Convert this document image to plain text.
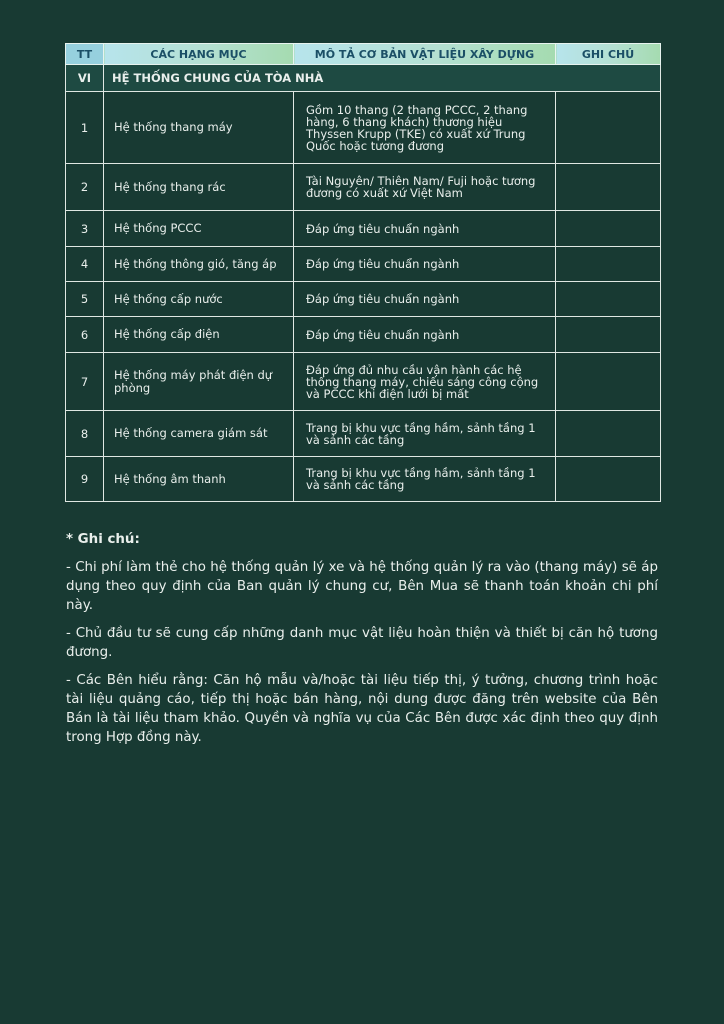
TT	CÁC HẠNG MỤC	MÔ TẢ CƠ BẢN VẬT LIỆU XÂY DỰNG	GHI CHÚ
VI	HỆ THỐNG CHUNG CỦA TÒA NHÀ		
1	Hệ thống thang máy	Gồm 10 thang (2 thang PCCC, 2 thang hàng, 6 thang khách) thương hiệu Thyssen Krupp (TKE) có xuất xứ Trung Quốc hoặc tương đương	
2	Hệ thống thang rác	Tài Nguyên/ Thiên Nam/ Fuji hoặc tương đương có xuất xứ Việt Nam	
3	Hệ thống PCCC	Đáp ứng tiêu chuẩn ngành	
4	Hệ thống thông gió, tăng áp	Đáp ứng tiêu chuẩn ngành	
5	Hệ thống cấp nước	Đáp ứng tiêu chuẩn ngành	
6	Hệ thống cấp điện	Đáp ứng tiêu chuẩn ngành	
7	Hệ thống máy phát điện dự phòng	Đáp ứng đủ nhu cầu vận hành các hệ thống thang máy, chiếu sáng công cộng và PCCC khi điện lưới bị mất	
8	Hệ thống camera giám sát	Trang bị khu vực tầng hầm, sảnh tầng 1 và sảnh các tầng	
9	Hệ thống âm thanh	Trang bị khu vực tầng hầm, sảnh tầng 1 và sảnh các tầng	

* Ghi chú:

- Chi phí làm thẻ cho hệ thống quản lý xe và hệ thống quản lý ra vào (thang máy) sẽ áp dụng theo quy định của Ban quản lý chung cư, Bên Mua sẽ thanh toán khoản chi phí này.

- Chủ đầu tư sẽ cung cấp những danh mục vật liệu hoàn thiện và thiết bị căn hộ tương đương.

- Các Bên hiểu rằng: Căn hộ mẫu và/hoặc tài liệu tiếp thị, ý tưởng, chương trình hoặc tài liệu quảng cáo, tiếp thị hoặc bán hàng, nội dung được đăng trên website của Bên Bán là tài liệu tham khảo. Quyền và nghĩa vụ của Các Bên được xác định theo quy định trong Hợp đồng này.
